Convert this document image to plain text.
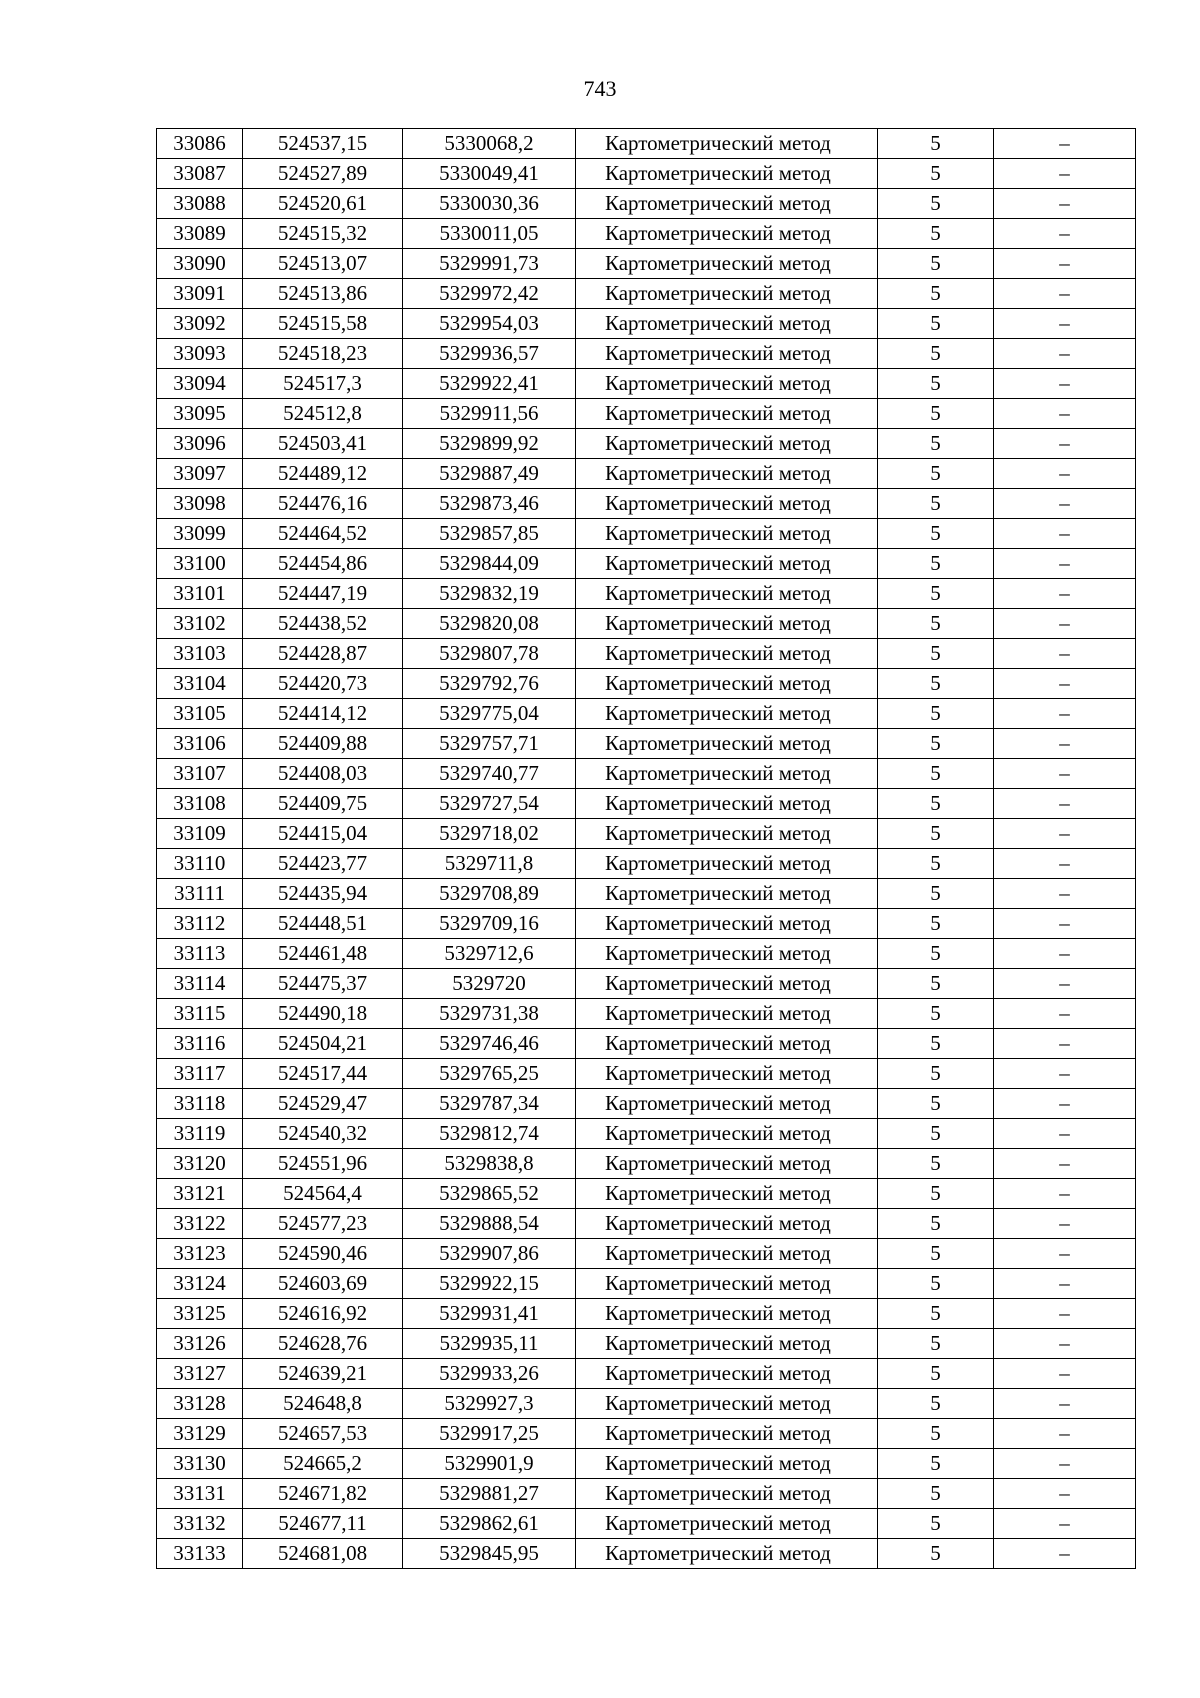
743
33086	524537,15	5330068,2	Картометрический метод	5	–
33087	524527,89	5330049,41	Картометрический метод	5	–
33088	524520,61	5330030,36	Картометрический метод	5	–
33089	524515,32	5330011,05	Картометрический метод	5	–
33090	524513,07	5329991,73	Картометрический метод	5	–
33091	524513,86	5329972,42	Картометрический метод	5	–
33092	524515,58	5329954,03	Картометрический метод	5	–
33093	524518,23	5329936,57	Картометрический метод	5	–
33094	524517,3	5329922,41	Картометрический метод	5	–
33095	524512,8	5329911,56	Картометрический метод	5	–
33096	524503,41	5329899,92	Картометрический метод	5	–
33097	524489,12	5329887,49	Картометрический метод	5	–
33098	524476,16	5329873,46	Картометрический метод	5	–
33099	524464,52	5329857,85	Картометрический метод	5	–
33100	524454,86	5329844,09	Картометрический метод	5	–
33101	524447,19	5329832,19	Картометрический метод	5	–
33102	524438,52	5329820,08	Картометрический метод	5	–
33103	524428,87	5329807,78	Картометрический метод	5	–
33104	524420,73	5329792,76	Картометрический метод	5	–
33105	524414,12	5329775,04	Картометрический метод	5	–
33106	524409,88	5329757,71	Картометрический метод	5	–
33107	524408,03	5329740,77	Картометрический метод	5	–
33108	524409,75	5329727,54	Картометрический метод	5	–
33109	524415,04	5329718,02	Картометрический метод	5	–
33110	524423,77	5329711,8	Картометрический метод	5	–
33111	524435,94	5329708,89	Картометрический метод	5	–
33112	524448,51	5329709,16	Картометрический метод	5	–
33113	524461,48	5329712,6	Картометрический метод	5	–
33114	524475,37	5329720	Картометрический метод	5	–
33115	524490,18	5329731,38	Картометрический метод	5	–
33116	524504,21	5329746,46	Картометрический метод	5	–
33117	524517,44	5329765,25	Картометрический метод	5	–
33118	524529,47	5329787,34	Картометрический метод	5	–
33119	524540,32	5329812,74	Картометрический метод	5	–
33120	524551,96	5329838,8	Картометрический метод	5	–
33121	524564,4	5329865,52	Картометрический метод	5	–
33122	524577,23	5329888,54	Картометрический метод	5	–
33123	524590,46	5329907,86	Картометрический метод	5	–
33124	524603,69	5329922,15	Картометрический метод	5	–
33125	524616,92	5329931,41	Картометрический метод	5	–
33126	524628,76	5329935,11	Картометрический метод	5	–
33127	524639,21	5329933,26	Картометрический метод	5	–
33128	524648,8	5329927,3	Картометрический метод	5	–
33129	524657,53	5329917,25	Картометрический метод	5	–
33130	524665,2	5329901,9	Картометрический метод	5	–
33131	524671,82	5329881,27	Картометрический метод	5	–
33132	524677,11	5329862,61	Картометрический метод	5	–
33133	524681,08	5329845,95	Картометрический метод	5	–
